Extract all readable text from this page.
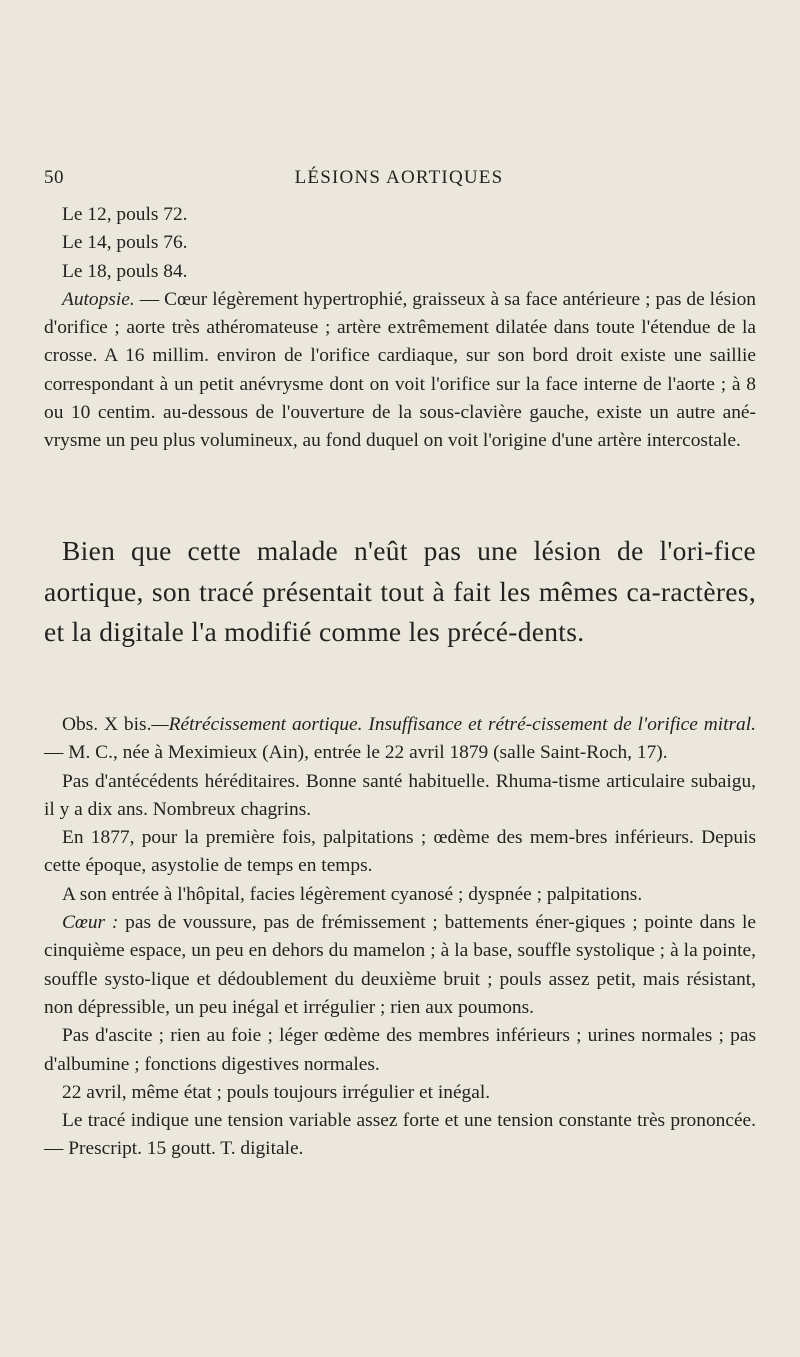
50	LÉSIONS AORTIQUES

Le 12, pouls 72.

Le 14, pouls 76.

Le 18, pouls 84.

Autopsie. — Cœur légèrement hypertrophié, graisseux à sa face antérieure ; pas de lésion d'orifice ; aorte très athéromateuse ; artère extrêmement dilatée dans toute l'étendue de la crosse. A 16 millim. environ de l'orifice cardiaque, sur son bord droit existe une saillie correspondant à un petit anévrysme dont on voit l'orifice sur la face interne de l'aorte ; à 8 ou 10 centim. au-dessous de l'ouverture de la sous-clavière gauche, existe un autre ané-vrysme un peu plus volumineux, au fond duquel on voit l'origine d'une artère intercostale.

Bien que cette malade n'eût pas une lésion de l'ori-fice aortique, son tracé présentait tout à fait les mêmes ca-ractères, et la digitale l'a modifié comme les précé-dents.

Obs. X bis.—Rétrécissement aortique. Insuffisance et rétré-cissement de l'orifice mitral. — M. C., née à Meximieux (Ain), entrée le 22 avril 1879 (salle Saint-Roch, 17).

Pas d'antécédents héréditaires. Bonne santé habituelle. Rhuma-tisme articulaire subaigu, il y a dix ans. Nombreux chagrins.

En 1877, pour la première fois, palpitations ; œdème des mem-bres inférieurs. Depuis cette époque, asystolie de temps en temps.

A son entrée à l'hôpital, facies légèrement cyanosé ; dyspnée ; palpitations.

Cœur : pas de voussure, pas de frémissement ; battements éner-giques ; pointe dans le cinquième espace, un peu en dehors du mamelon ; à la base, souffle systolique ; à la pointe, souffle systo-lique et dédoublement du deuxième bruit ; pouls assez petit, mais résistant, non dépressible, un peu inégal et irrégulier ; rien aux poumons.

Pas d'ascite ; rien au foie ; léger œdème des membres inférieurs ; urines normales ; pas d'albumine ; fonctions digestives normales.

22 avril, même état ; pouls toujours irrégulier et inégal.

Le tracé indique une tension variable assez forte et une tension constante très prononcée. — Prescript. 15 goutt. T. digitale.
